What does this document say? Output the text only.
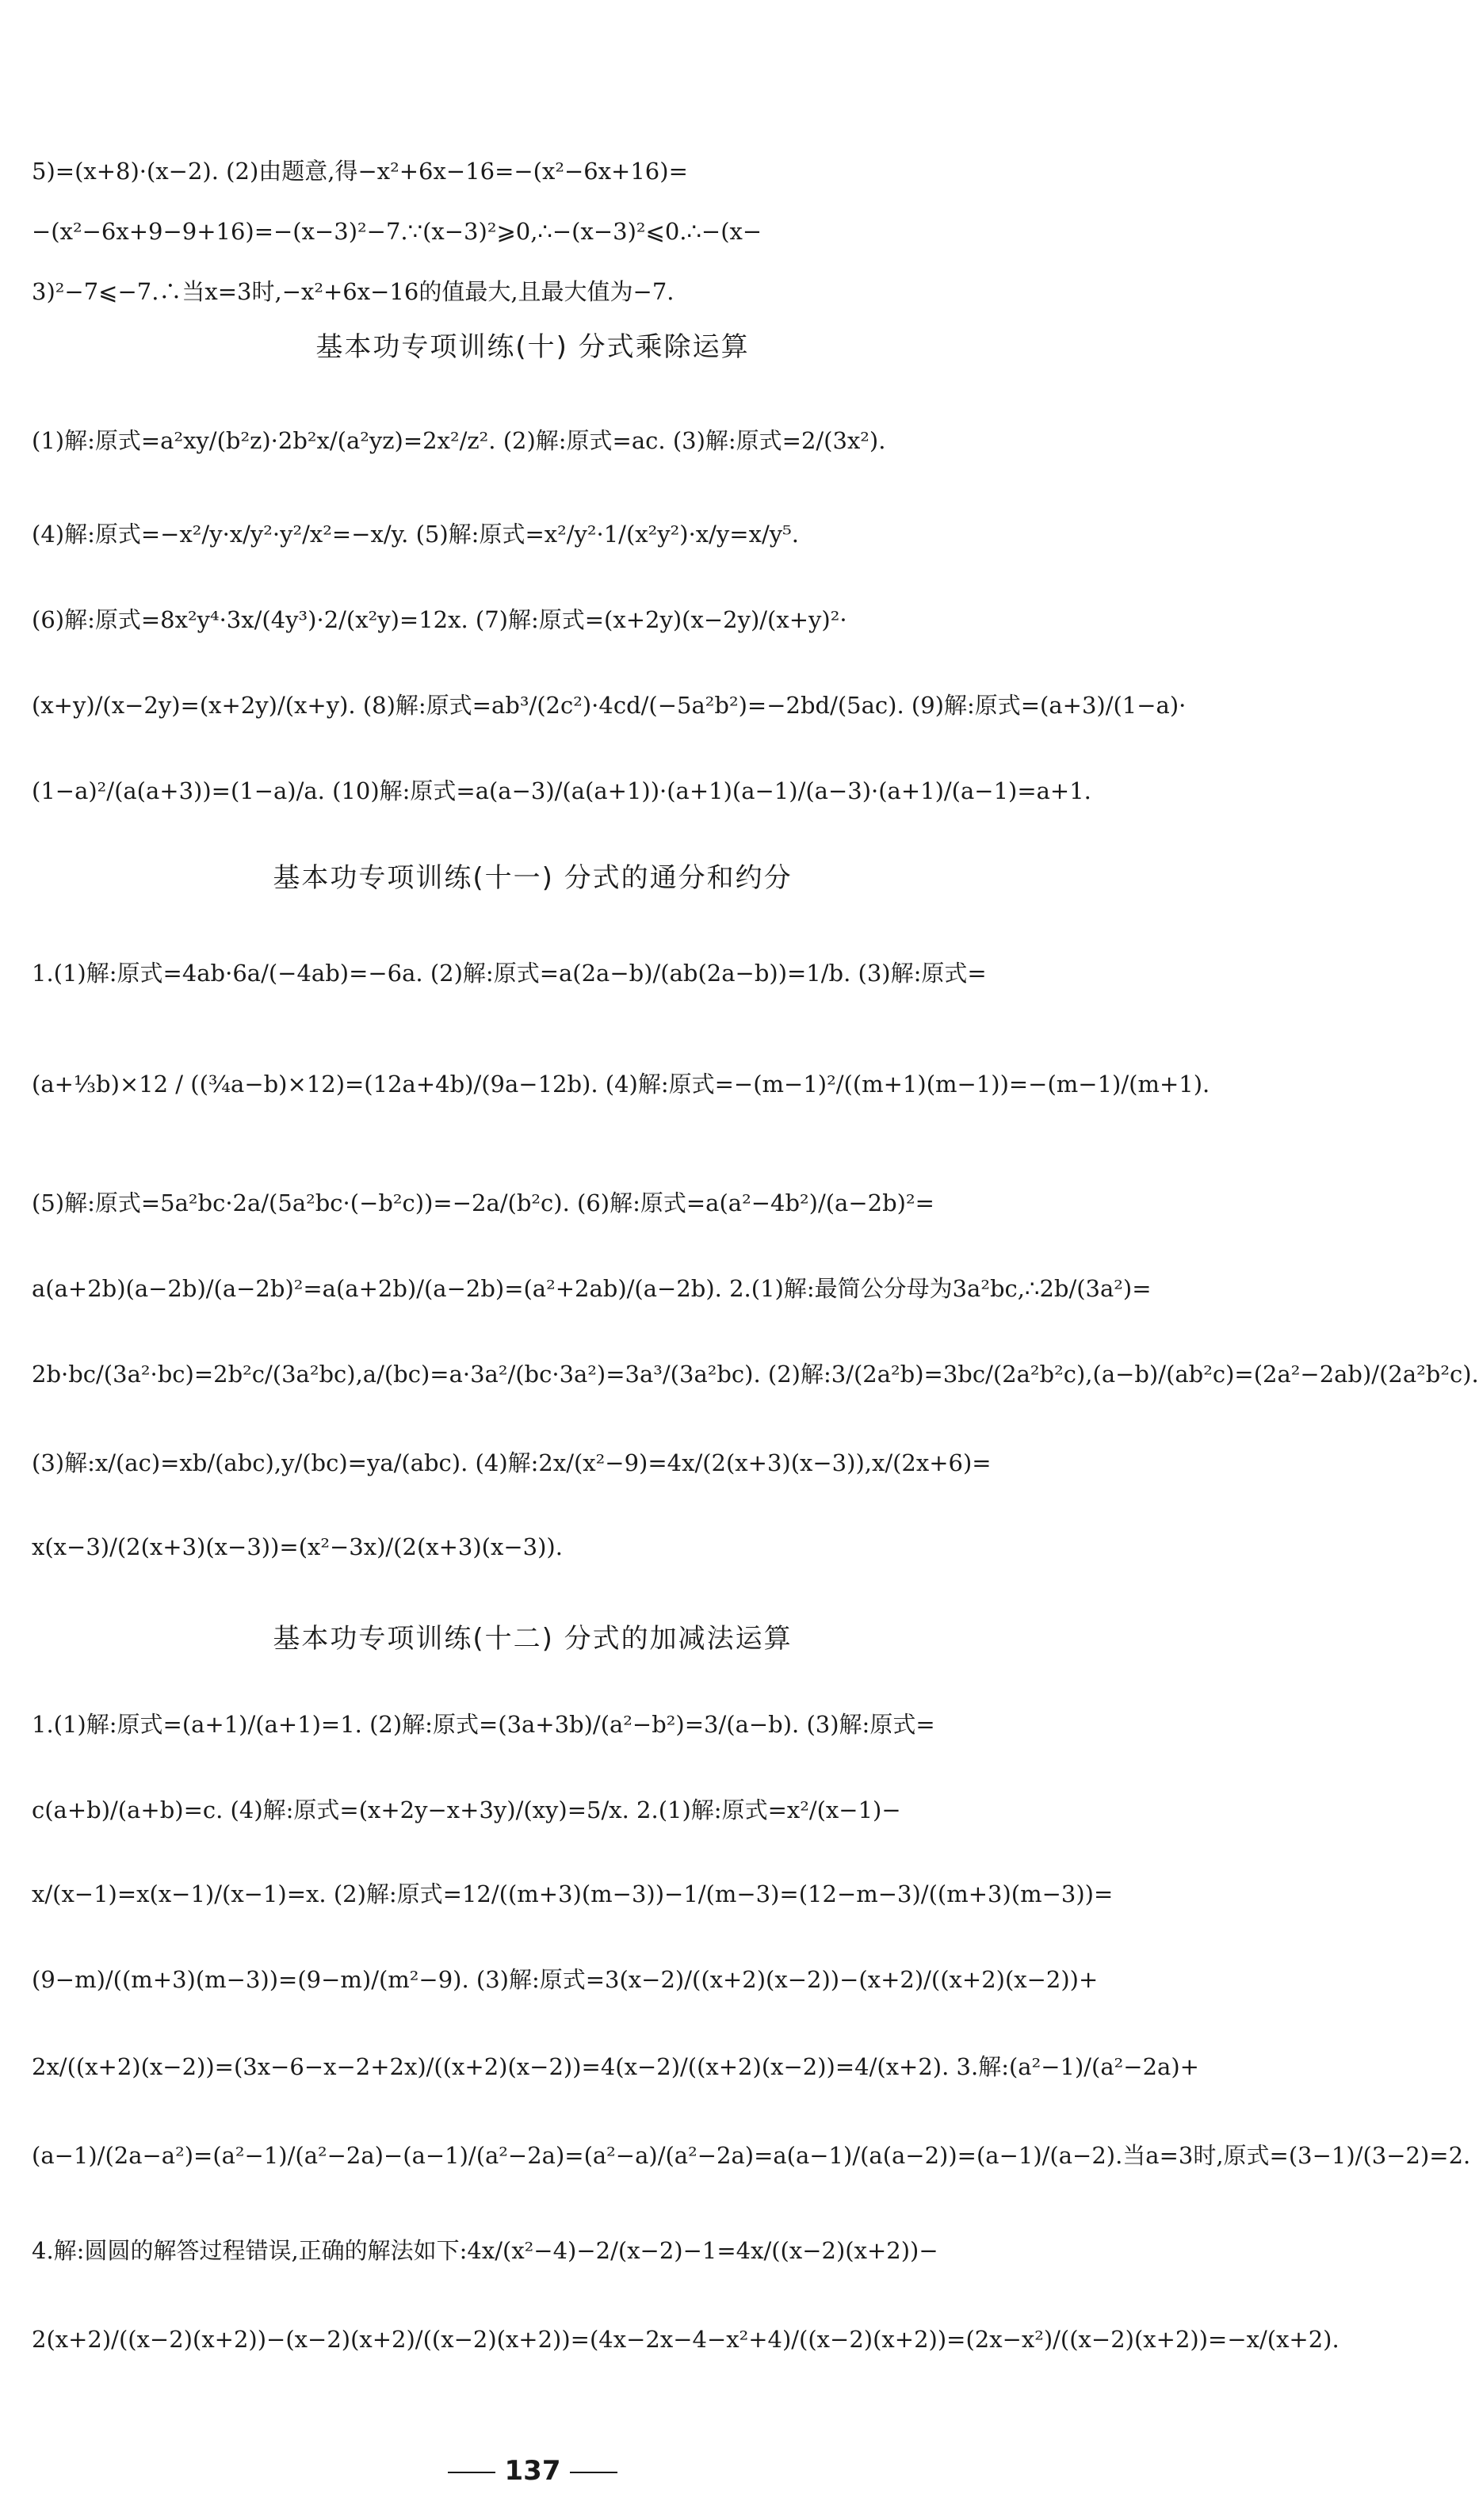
5)=(x+8)·(x−2). (2)由题意,得−x²+6x−16=−(x²−6x+16)=
−(x²−6x+9−9+16)=−(x−3)²−7.∵(x−3)²⩾0,∴−(x−3)²⩽0.∴−(x−
3)²−7⩽−7.∴当x=3时,−x²+6x−16的值最大,且最大值为−7.
基本功专项训练(十) 分式乘除运算
(1)解:原式=a²xy/(b²z)·2b²x/(a²yz)=2x²/z². (2)解:原式=ac. (3)解:原式=2/(3x²).
(4)解:原式=−x²/y·x/y²·y²/x²=−x/y. (5)解:原式=x²/y²·1/(x²y²)·x/y=x/y⁵.
(6)解:原式=8x²y⁴·3x/(4y³)·2/(x²y)=12x. (7)解:原式=(x+2y)(x−2y)/(x+y)²·
(x+y)/(x−2y)=(x+2y)/(x+y). (8)解:原式=ab³/(2c²)·4cd/(−5a²b²)=−2bd/(5ac). (9)解:原式=(a+3)/(1−a)·
(1−a)²/(a(a+3))=(1−a)/a. (10)解:原式=a(a−3)/(a(a+1))·(a+1)(a−1)/(a−3)·(a+1)/(a−1)=a+1.
基本功专项训练(十一) 分式的通分和约分
1.(1)解:原式=4ab·6a/(−4ab)=−6a. (2)解:原式=a(2a−b)/(ab(2a−b))=1/b. (3)解:原式=
(a+⅓b)×12 / ((¾a−b)×12)=(12a+4b)/(9a−12b). (4)解:原式=−(m−1)²/((m+1)(m−1))=−(m−1)/(m+1).
(5)解:原式=5a²bc·2a/(5a²bc·(−b²c))=−2a/(b²c). (6)解:原式=a(a²−4b²)/(a−2b)²=
a(a+2b)(a−2b)/(a−2b)²=a(a+2b)/(a−2b)=(a²+2ab)/(a−2b). 2.(1)解:最简公分母为3a²bc,∴2b/(3a²)=
2b·bc/(3a²·bc)=2b²c/(3a²bc),a/(bc)=a·3a²/(bc·3a²)=3a³/(3a²bc). (2)解:3/(2a²b)=3bc/(2a²b²c),(a−b)/(ab²c)=(2a²−2ab)/(2a²b²c).
(3)解:x/(ac)=xb/(abc),y/(bc)=ya/(abc). (4)解:2x/(x²−9)=4x/(2(x+3)(x−3)),x/(2x+6)=
x(x−3)/(2(x+3)(x−3))=(x²−3x)/(2(x+3)(x−3)).
基本功专项训练(十二) 分式的加减法运算
1.(1)解:原式=(a+1)/(a+1)=1. (2)解:原式=(3a+3b)/(a²−b²)=3/(a−b). (3)解:原式=
c(a+b)/(a+b)=c. (4)解:原式=(x+2y−x+3y)/(xy)=5/x. 2.(1)解:原式=x²/(x−1)−
x/(x−1)=x(x−1)/(x−1)=x. (2)解:原式=12/((m+3)(m−3))−1/(m−3)=(12−m−3)/((m+3)(m−3))=
(9−m)/((m+3)(m−3))=(9−m)/(m²−9). (3)解:原式=3(x−2)/((x+2)(x−2))−(x+2)/((x+2)(x−2))+
2x/((x+2)(x−2))=(3x−6−x−2+2x)/((x+2)(x−2))=4(x−2)/((x+2)(x−2))=4/(x+2). 3.解:(a²−1)/(a²−2a)+
(a−1)/(2a−a²)=(a²−1)/(a²−2a)−(a−1)/(a²−2a)=(a²−a)/(a²−2a)=a(a−1)/(a(a−2))=(a−1)/(a−2).当a=3时,原式=(3−1)/(3−2)=2.
4.解:圆圆的解答过程错误,正确的解法如下:4x/(x²−4)−2/(x−2)−1=4x/((x−2)(x+2))−
2(x+2)/((x−2)(x+2))−(x−2)(x+2)/((x−2)(x+2))=(4x−2x−4−x²+4)/((x−2)(x+2))=(2x−x²)/((x−2)(x+2))=−x/(x+2).
137
